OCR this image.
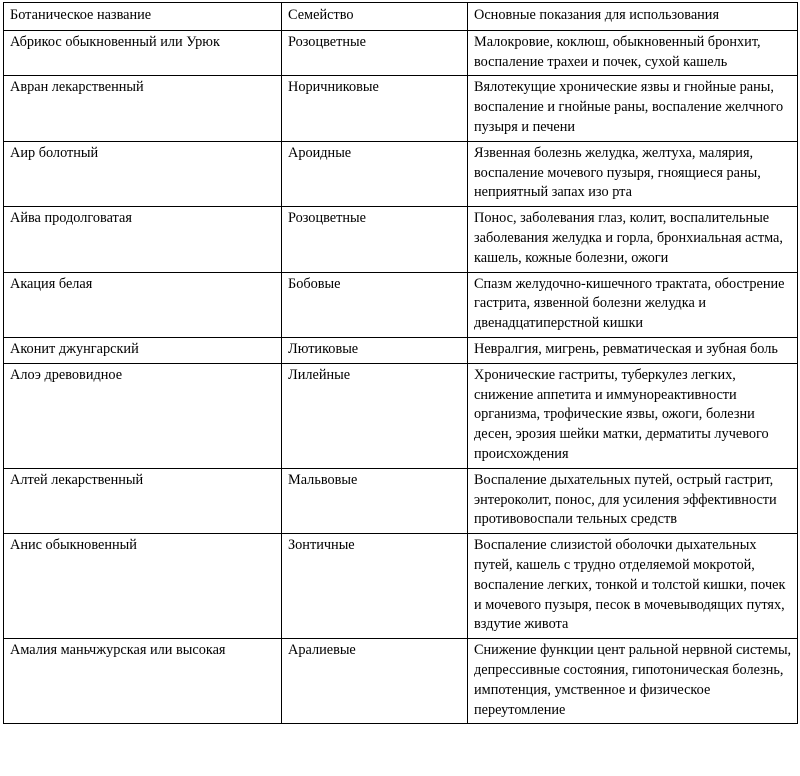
Ботаническое название	Семейство	Основные показания для использования
Абрикос обыкновенный или Урюк	Розоцветные	Малокровие, коклюш, обыкновенный бронхит, воспаление трахеи и почек, сухой кашель
Авран лекарственный	Норичниковые	Вялотекущие хронические язвы и гнойные раны, воспаление и гнойные раны, воспаление желчного пузыря и печени
Аир болотный	Ароидные	Язвенная болезнь желудка, желтуха, малярия, воспаление мочевого пузыря, гноящиеся раны, неприятный запах изо рта
Айва продолговатая	Розоцветные	Понос, заболевания глаз, колит, воспалительные заболевания желудка и горла, бронхиальная астма, кашель, кожные болезни, ожоги
Акация белая	Бобовые	Спазм желудочно-кишечного трактата, обострение гастрита, язвенной болезни желудка и двенадцатиперстной кишки
Аконит джунгарский	Лютиковые	Невралгия, мигрень, ревматическая и зубная боль
Алоэ древовидное	Лилейные	Хронические гастриты, туберкулез легких, снижение аппетита и иммунореактивности организма, трофические язвы, ожоги, болезни десен, эрозия шейки матки, дерматиты лучевого происхождения
Алтей лекарственный	Мальвовые	Воспаление дыхательных путей, острый гастрит, энтероколит, понос, для усиления эффективности противовоспали тельных средств
Анис обыкновенный	Зонтичные	Воспаление слизистой оболочки дыхательных путей, кашель с трудно отделяемой мокротой, воспаление легких, тонкой и толстой кишки, почек и мочевого пузыря, песок в мочевыводящих путях, вздутие живота
Амалия маньчжурская или высокая	Аралиевые	Снижение функции цент ральной нервной системы, депрессивные состояния, гипотоническая болезнь, импотенция, умственное и физическое переутомление
